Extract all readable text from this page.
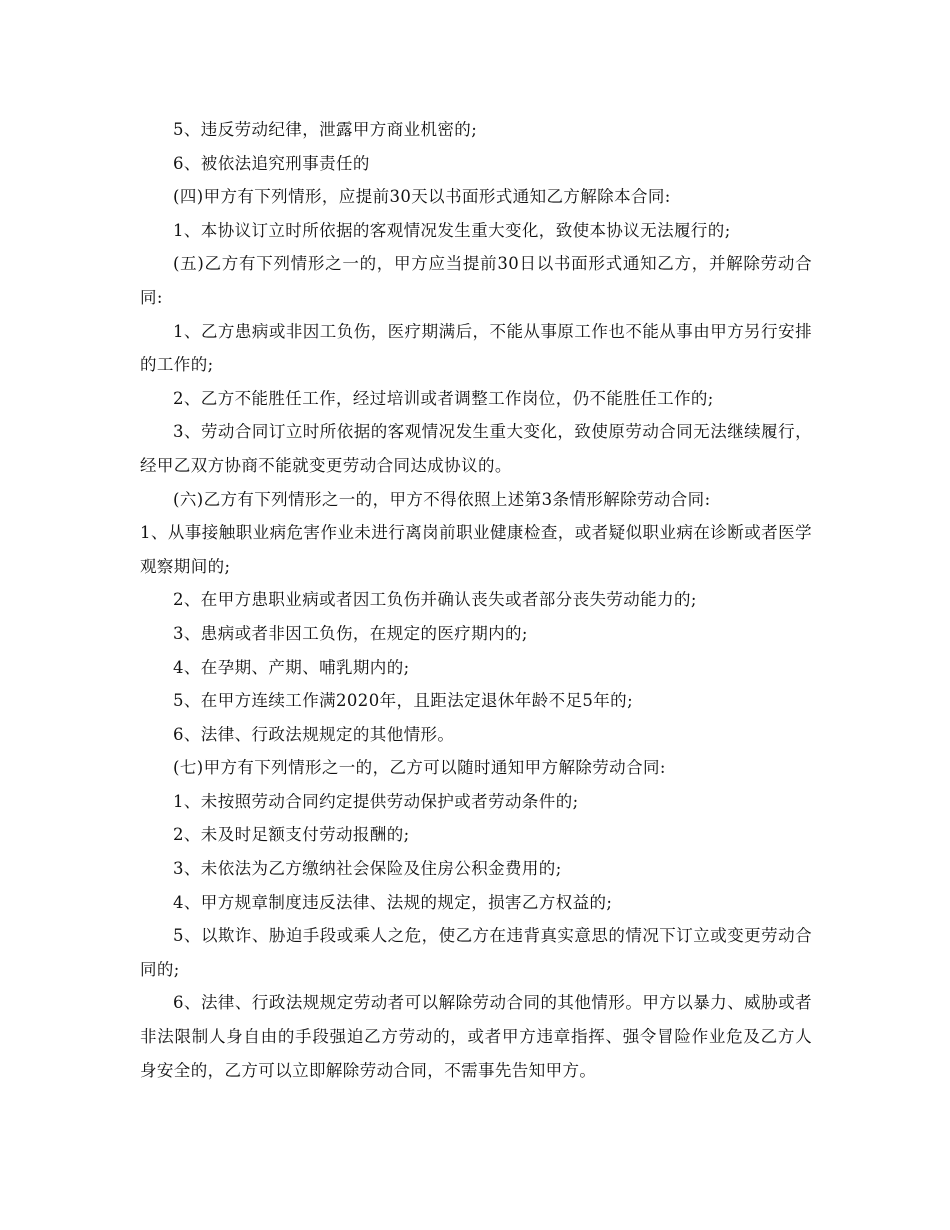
5、违反劳动纪律，泄露甲方商业机密的;

6、被依法追究刑事责任的

(四)甲方有下列情形，应提前30天以书面形式通知乙方解除本合同:

1、本协议订立时所依据的客观情况发生重大变化，致使本协议无法履行的;

(五)乙方有下列情形之一的，甲方应当提前30日以书面形式通知乙方，并解除劳动合同:

1、乙方患病或非因工负伤，医疗期满后，不能从事原工作也不能从事由甲方另行安排的工作的;

2、乙方不能胜任工作，经过培训或者调整工作岗位，仍不能胜任工作的;

3、劳动合同订立时所依据的客观情况发生重大变化，致使原劳动合同无法继续履行，经甲乙双方协商不能就变更劳动合同达成协议的。

(六)乙方有下列情形之一的，甲方不得依照上述第3条情形解除劳动合同:

1、从事接触职业病危害作业未进行离岗前职业健康检查，或者疑似职业病在诊断或者医学观察期间的;

2、在甲方患职业病或者因工负伤并确认丧失或者部分丧失劳动能力的;

3、患病或者非因工负伤，在规定的医疗期内的;

4、在孕期、产期、哺乳期内的;

5、在甲方连续工作满2020年，且距法定退休年龄不足5年的;

6、法律、行政法规规定的其他情形。

(七)甲方有下列情形之一的，乙方可以随时通知甲方解除劳动合同:

1、未按照劳动合同约定提供劳动保护或者劳动条件的;

2、未及时足额支付劳动报酬的;

3、未依法为乙方缴纳社会保险及住房公积金费用的;

4、甲方规章制度违反法律、法规的规定，损害乙方权益的;

5、以欺诈、胁迫手段或乘人之危，使乙方在违背真实意思的情况下订立或变更劳动合同的;

6、法律、行政法规规定劳动者可以解除劳动合同的其他情形。甲方以暴力、威胁或者非法限制人身自由的手段强迫乙方劳动的，或者甲方违章指挥、强令冒险作业危及乙方人身安全的，乙方可以立即解除劳动合同，不需事先告知甲方。
